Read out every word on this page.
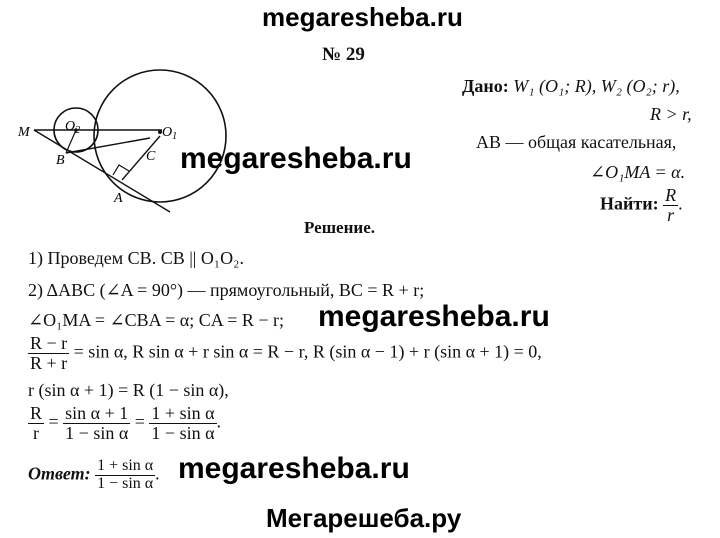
megaresheba.ru
megaresheba.ru
megaresheba.ru
megaresheba.ru
Мегарешеба.ру
№ 29
M	$O_2$	$O_1$
B	C
A
Дано: W₁ (O₁; R), W₂ (O₂; r),
R > r,
AB — общая касательная,
∠O₁MA = α.
Найти: $\frac{R}{r}$ .
Решение.
1) Проведем CB. CB || O₁O₂.
2) ΔABC (∠A = 90°) — прямоугольный, BC = R + r;
∠O₁MA = ∠CBA = α; CA = R − r;
$\frac{R - r}{R + r} = \sin \alpha$, R sin α + r sin α = R − r, R (sin α − 1) + r (sin α + 1) = 0,
r (sin α + 1) = R (1 − sin α),
$\frac{R}{r} = \frac{\text{sin α + 1}}{\text{1 − sin α}} = \frac{\text{1 + sin α}}{\text{1 − sin α}}$ .
Ответ: $\frac{\text{1 + sin α}}{\text{1 − sin α}}$ .
